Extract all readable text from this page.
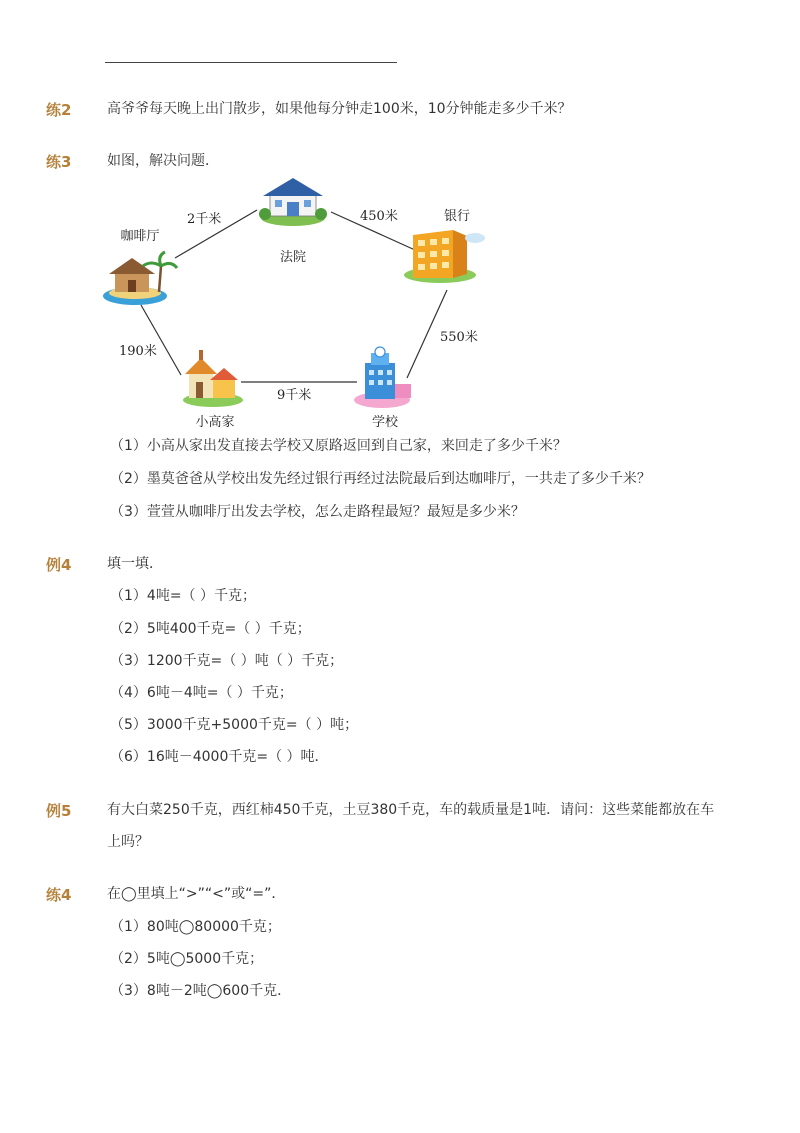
练2	高爷爷每天晚上出门散步，如果他每分钟走100米，10分钟能走多少千米？
练3	如图，解决问题．
法院
银行
咖啡厅
学校
小高家
2千米	450米
550米
9千米
190米
（1）小高从家出发直接去学校又原路返回到自己家，来回走了多少千米？
（2）墨莫爸爸从学校出发先经过银行再经过法院最后到达咖啡厅，一共走了多少千米？
（3）萱萱从咖啡厅出发去学校，怎么走路程最短？最短是多少米？
例4	填一填．
（1）4吨=（ ）千克；
（2）5吨400千克=（ ）千克；
（3）1200千克=（ ）吨（ ）千克；
（4）6吨－4吨=（ ）千克；
（5）3000千克+5000千克=（ ）吨；
（6）16吨－4000千克=（ ）吨．
例5	有大白菜250千克，西红柿450千克，土豆380千克，车的载质量是1吨．请问：这些菜能都放在车上吗？
练4	在◯里填上“>”“<”或“=”．
（1）80吨◯80000千克；
（2）5吨◯5000千克；
（3）8吨－2吨◯600千克．
